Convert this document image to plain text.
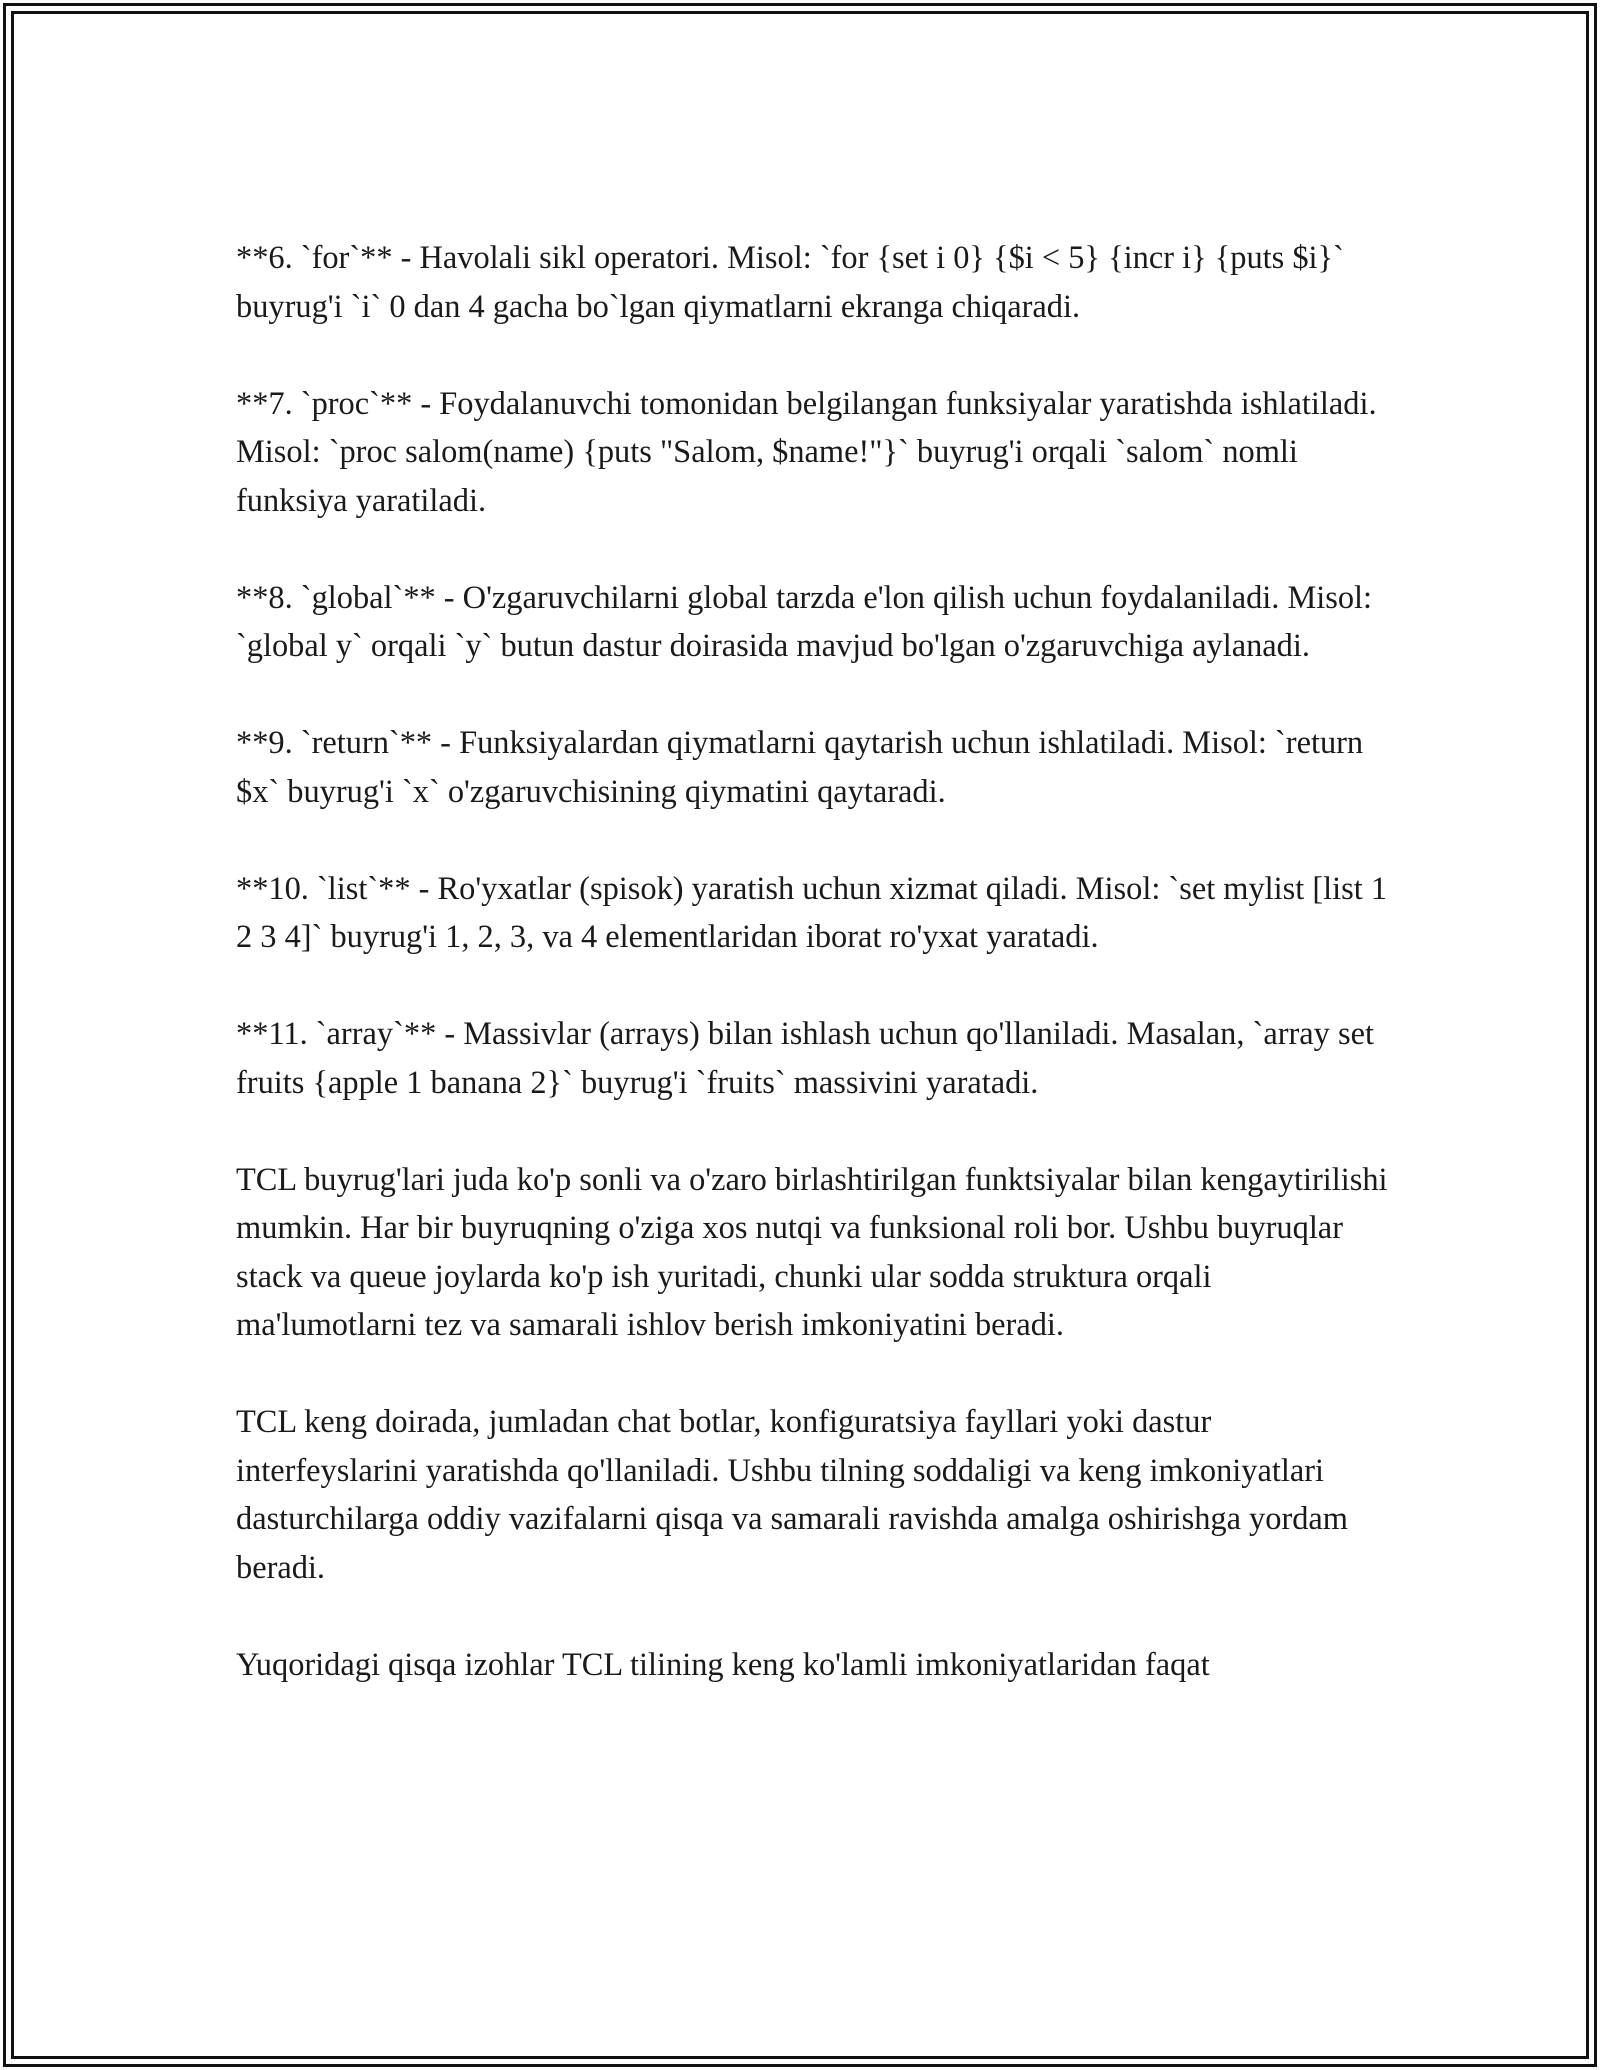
**6. `for`** - Havolali sikl operatori. Misol: `for {set i 0} {$i < 5} {incr i} {puts $i}` buyrug'i `i` 0 dan 4 gacha bo`lgan qiymatlarni ekranga chiqaradi.

**7. `proc`** - Foydalanuvchi tomonidan belgilangan funksiyalar yaratishda ishlatiladi. Misol: `proc salom(name) {puts "Salom, $name!"}` buyrug'i orqali `salom` nomli funksiya yaratiladi.

**8. `global`** - O'zgaruvchilarni global tarzda e'lon qilish uchun foydalaniladi. Misol: `global y` orqali `y` butun dastur doirasida mavjud bo'lgan o'zgaruvchiga aylanadi.

**9. `return`** - Funksiyalardan qiymatlarni qaytarish uchun ishlatiladi. Misol: `return $x` buyrug'i `x` o'zgaruvchisining qiymatini qaytaradi.

**10. `list`** - Ro'yxatlar (spisok) yaratish uchun xizmat qiladi. Misol: `set mylist [list 1 2 3 4]` buyrug'i 1, 2, 3, va 4 elementlaridan iborat ro'yxat yaratadi.

**11. `array`** - Massivlar (arrays) bilan ishlash uchun qo'llaniladi. Masalan, `array set fruits {apple 1 banana 2}` buyrug'i `fruits` massivini yaratadi.

TCL buyrug'lari juda ko'p sonli va o'zaro birlashtirilgan funktsiyalar bilan kengaytirilishi mumkin. Har bir buyruqning o'ziga xos nutqi va funksional roli bor. Ushbu buyruqlar stack va queue joylarda ko'p ish yuritadi, chunki ular sodda struktura orqali ma'lumotlarni tez va samarali ishlov berish imkoniyatini beradi.

TCL keng doirada, jumladan chat botlar, konfiguratsiya fayllari yoki dastur interfeyslarini yaratishda qo'llaniladi. Ushbu tilning soddaligi va keng imkoniyatlari dasturchilarga oddiy vazifalarni qisqa va samarali ravishda amalga oshirishga yordam beradi.

Yuqoridagi qisqa izohlar TCL tilining keng ko'lamli imkoniyatlaridan faqat
